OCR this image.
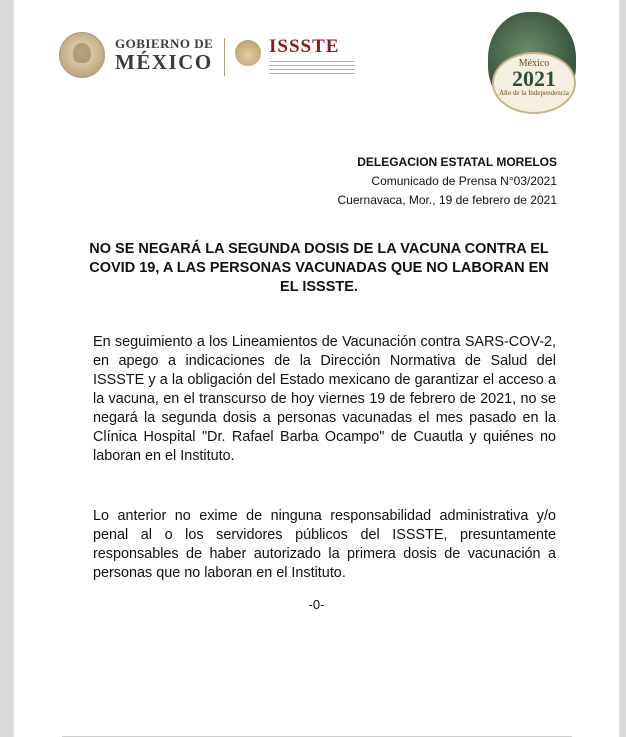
GOBIERNO DE
MÉXICO
ISSSTE
México
2021
Año de la Independencia
DELEGACION ESTATAL MORELOS
Comunicado de Prensa N°03/2021
Cuernavaca, Mor., 19 de febrero de 2021
NO SE NEGARÁ LA SEGUNDA DOSIS DE LA VACUNA CONTRA EL COVID 19, A LAS PERSONAS VACUNADAS QUE NO LABORAN EN EL ISSSTE.

En seguimiento a los Lineamientos de Vacunación contra SARS-COV-2, en apego a indicaciones de la Dirección Normativa de Salud del ISSSTE y a la obligación del Estado mexicano de garantizar el acceso a la vacuna, en el transcurso de hoy viernes 19 de febrero de 2021, no se negará la segunda dosis a personas vacunadas el mes pasado en la Clínica Hospital "Dr. Rafael Barba Ocampo" de Cuautla y quiénes no laboran en el Instituto.

Lo anterior no exime de ninguna responsabilidad administrativa y/o penal al o los servidores públicos del ISSSTE, presuntamente responsables de haber autorizado la primera dosis de vacunación a personas que no laboran en el Instituto.

-0-
